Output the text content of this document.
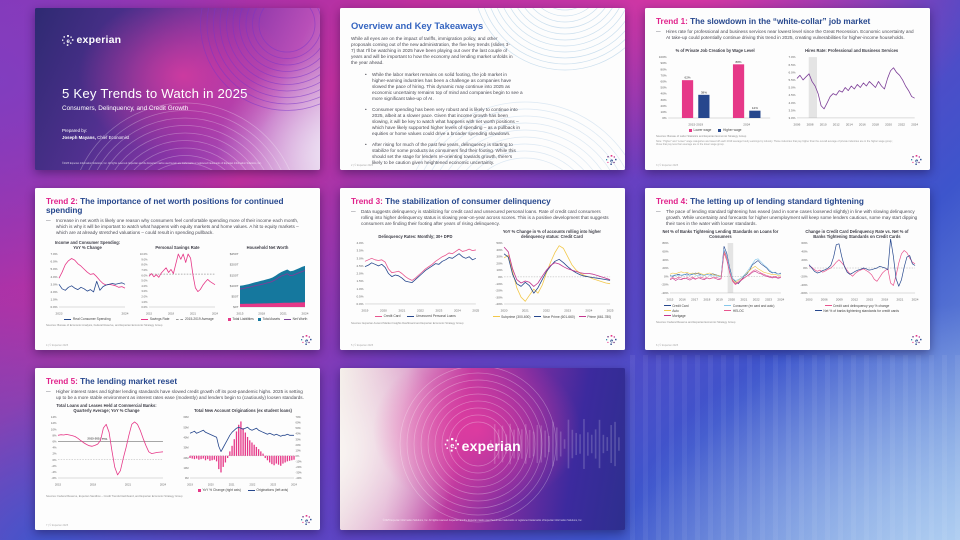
e experian
5 Key Trends to Watch in 2025
Consumers, Delinquency, and Credit Growth
Prepared by:
Joseph Mayans, Chief Economist
©2025 Experian Information Solutions, Inc. All rights reserved. Experian and the Experian marks used herein are trademarks or registered trademarks of Experian Information Solutions, Inc.
Overview and Key Takeaways
While all eyes are on the impact of tariffs, immigration policy, and other proposals coming out of the new administration, the five key trends (slides 3-7) that I'll be watching in 2025 have been playing out over the last couple of years and will be important to how the economy and lending market unfolds in the year ahead.
• While the labor market remains on solid footing, the job market in higher-earning industries has been a challenge as companies have slowed the pace of hiring. This dynamic may continue into 2025 as economic uncertainty remains top of mind and companies begin to see a more significant take-up of AI.
• Consumer spending has been very robust and is likely to continue into 2025, albeit at a slower pace. Given that income growth has been slowing, it will be key to watch what happens with net worth positions – which have likely supported higher levels of spending – as a pullback in equities or home values could drive a broader spending slowdown.
• After rising for much of the past few years, delinquency is starting to stabilize for some products as consumers find their footing. While this should set the stage for lenders re-orienting towards growth, there's likely to be caution given heightened economic uncertainty.
2 | © Experian 2025
e
Trend 1: The slowdown in the “white-collar” job market
— Hires rate for professional and business services near lowest level since the Great Recession. Economic uncertainty and AI take-up could potentially continue driving this trend in 2025, creating vulnerabilities for higher-income households.
% of Private Job Creation by Wage Level
100%
90%
80%
70%
60%
50%
40%
30%
20%
10%
0%
2015-2019	2024
62%
88%
38%
12%
Lower wage	Higher wage
Hires Rate: Professional and Business Services
7.0%
6.5%
6.0%
5.5%
5.0%
4.5%
4.0%
3.5%
3.0%
2006 2008 2010 2012 2014 2016 2018 2020 2022 2024
Sources: Bureau of Labor Statistics and Experian Economic Strategy Group
Note: “Higher” and “Lower” wage categories are based off each 2019 average hourly earnings by industry. Those industries that pay higher than the overall average of private industries are in the higher wage group; those that pay less than average are in the lower wage group.
3 | © Experian 2025
e
Trend 2: The importance of net worth positions for continued spending
— Increase in net worth is likely one reason why consumers feel comfortable spending more of their income each month, which is why it will be important to watch what happens with equity markets and home values. A hit to equity markets – which are at already stretched valuations – could result in spending pullback.
Income and Consumer Spending: YoY % Change
7.0%
6.0%
5.0%
4.0%
3.0%
2.0%
1.0%
0.0%
2023	2024
Real Consumer Spending
Personal Savings Rate
10.0%
9.0%
8.0%
7.0%
6.0%
5.0%
4.0%
3.0%
2.0%
1.0%
0.0%
2015	2018	2021	2024
Savings Rate	2015-2019 Average
Household Net Worth
$250T
$200T
$150T
$100T
$50T
$0T
2015	2018	2021	2024
Total Liabilities	Total Assets	Net Worth
Sources: Bureau of Economic Analysis, Federal Reserve, and Experian Economic Strategy Group
4 | © Experian 2025
e
Trend 3: The stabilization of consumer delinquency
— Data suggests delinquency is stabilizing for credit card and unsecured personal loans. Rate of credit card consumers rolling into higher delinquency status is slowing year-on-year across scores. This is a positive development that suggests consumers are finding their footing after years of rising delinquency.
Delinquency Rates: Monthly; 30+ DPD
4.0%
3.5%
3.0%
2.5%
2.0%
1.5%
1.0%
0.5%
0.0%
2019	2020	2021	2022	2023	2024	2025
Credit Card	Unsecured Personal Loans
YoY % Change in % of accounts rolling into higher delinquency status: Credit Card
50%
40%
30%
20%
10%
0%
-10%
-20%
-30%
-40%
2020	2021	2022	2023	2024	2025
Subprime (300-600)	Near Prime (601-660)	Prime (661-780)
Sources: Experian Ascend Market Insights Dashboard and Experian Economic Strategy Group
5 | © Experian 2025
e
Trend 4: The letting up of lending standard tightening
— The pace of lending standard tightening has eased (and in some cases loosened slightly) in line with slowing delinquency growth. While uncertainty and forecasts for higher unemployment will keep some lenders cautious, some may start dipping their toes in the water with looser standards.
Net % of Banks Tightening Lending Standards on Loans for Consumers
80%
60%
40%
20%
0%
-20%
-40%
2015 2016 2017 2018 2019 2020 2021 2022 2023 2024
Credit Card	Consumer (ex card and auto)
Auto	HELOC
Mortgage
Change in Credit Card Delinquency Rate vs. Net % of Banks Tightening Standards on Credit Cards
60%
40%
20%
0%
-20%
-40%
-60%
2003	2006	2009	2012	2015	2018	2021	2024
Credit card delinquency yoy % change
Net % of banks tightening standards for credit cards
Sources: Federal Reserve and Experian Economic Strategy Group
6 | © Experian 2025
e
Trend 5: The lending market reset
— Higher interest rates and tighter lending standards have slowed credit growth off its post-pandemic highs. 2025 is setting up to be a more stable environment as interest rates ease (modestly) and lenders begin to (cautiously) loosen standards.
Total Loans and Leases Held at Commercial Banks: Quarterly Average; YoY % Change
14%
12%
10%
8%
6%
4%
2%
0%
-2%
-4%
-6%
2015	2018	2021	2024
2015-2019 avg.
Total New Account Originations (ex student loans)
60M
50M
40M
30M
20M
10M
0M
70%
60%
50%
40%
30%
20%
10%
0%
-10%
-20%
-30%
-40%
2019	2020	2021	2022	2023	2024
YoY % Change (right axis)	Originations (left axis)
Sources: Federal Reserve, Experian Sandbox – Credit Trends Dashboard, and Experian Economic Strategy Group
7 | © Experian 2025
e
e experian
©2025 Experian Information Solutions, Inc. All rights reserved. Experian and the Experian marks used herein are trademarks or registered trademarks of Experian Information Solutions, Inc.
